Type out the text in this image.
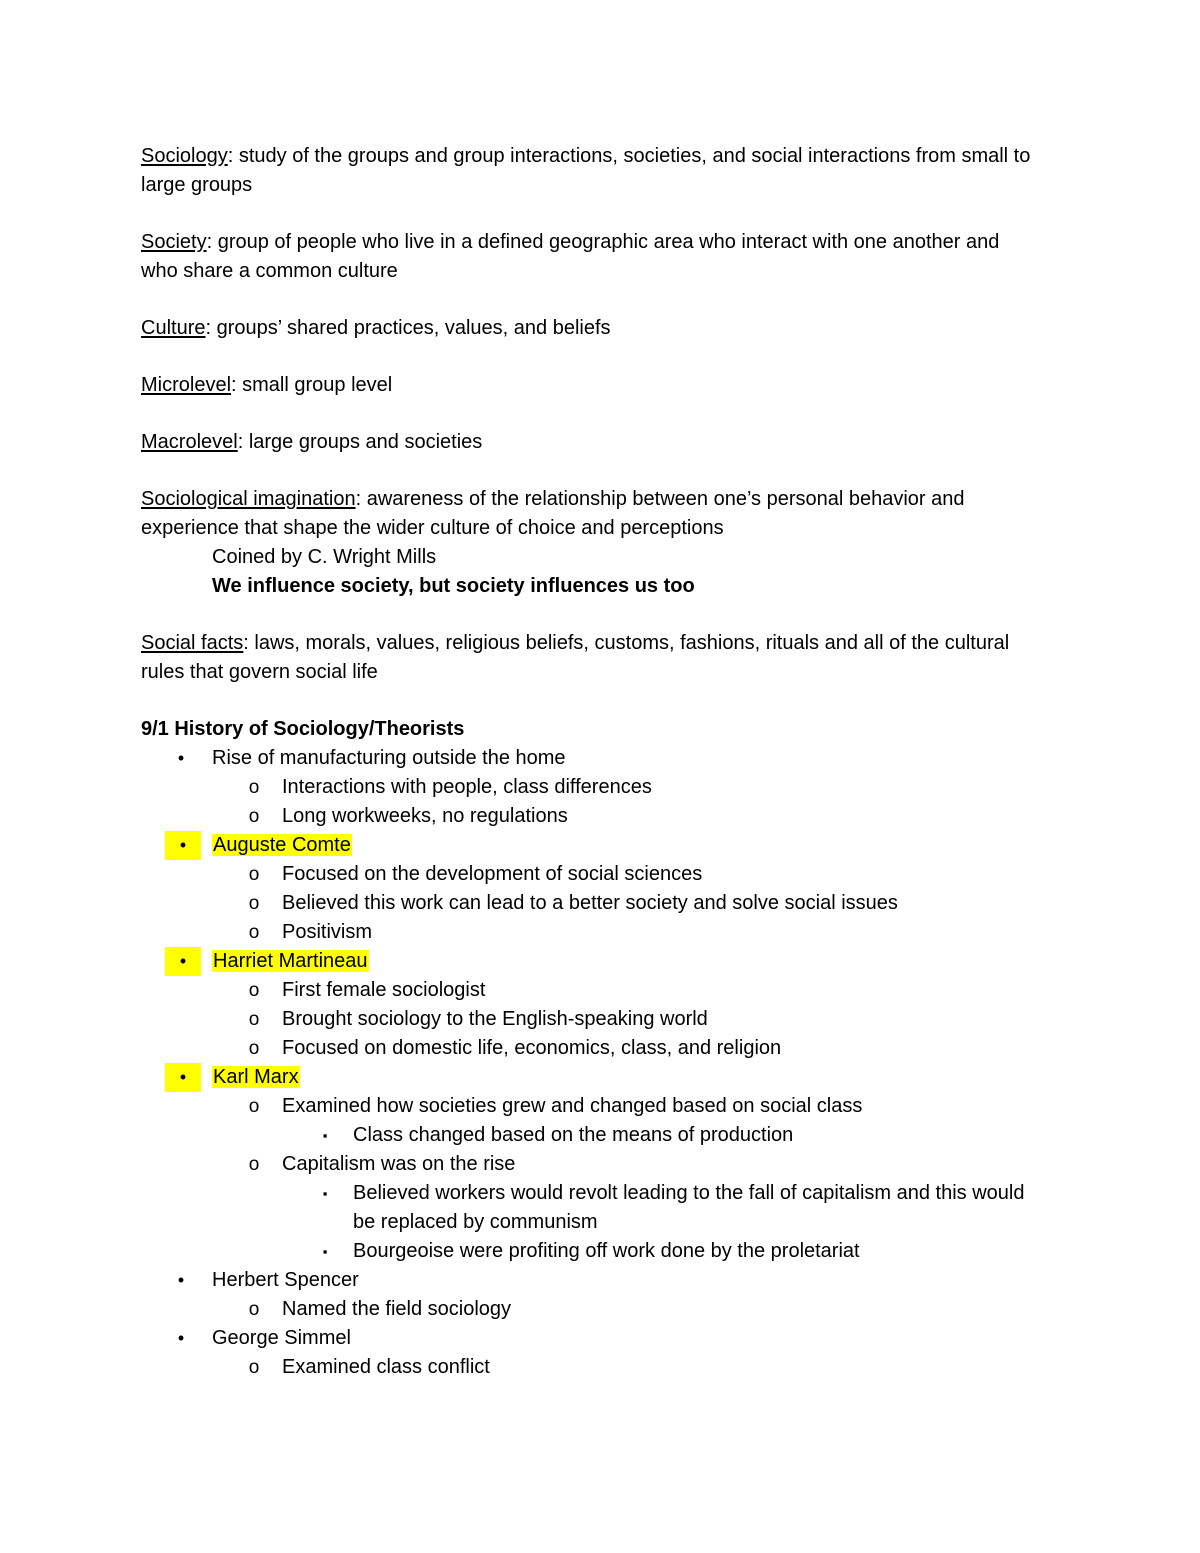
Sociology: study of the groups and group interactions, societies, and social interactions from small to large groups

Society: group of people who live in a defined geographic area who interact with one another and who share a common culture

Culture: groups’ shared practices, values, and beliefs

Microlevel: small group level

Macrolevel: large groups and societies

Sociological imagination: awareness of the relationship between one’s personal behavior and experience that shape the wider culture of choice and perceptions
Coined by C. Wright Mills
We influence society, but society influences us too

Social facts: laws, morals, values, religious beliefs, customs, fashions, rituals and all of the cultural rules that govern social life

9/1 History of Sociology/Theorists

•	Rise of manufacturing outside the home
o Interactions with people, class differences
o Long workweeks, no regulations
•	Auguste Comte
o Focused on the development of social sciences
o Believed this work can lead to a better society and solve social issues
o Positivism
•	Harriet Martineau
o First female sociologist
o Brought sociology to the English-speaking world
o Focused on domestic life, economics, class, and religion
•	Karl Marx
o Examined how societies grew and changed based on social class
▪	Class changed based on the means of production
o Capitalism was on the rise
▪	Believed workers would revolt leading to the fall of capitalism and this would be replaced by communism
▪	Bourgeoise were profiting off work done by the proletariat
•	Herbert Spencer
o Named the field sociology
•	George Simmel
o Examined class conflict
